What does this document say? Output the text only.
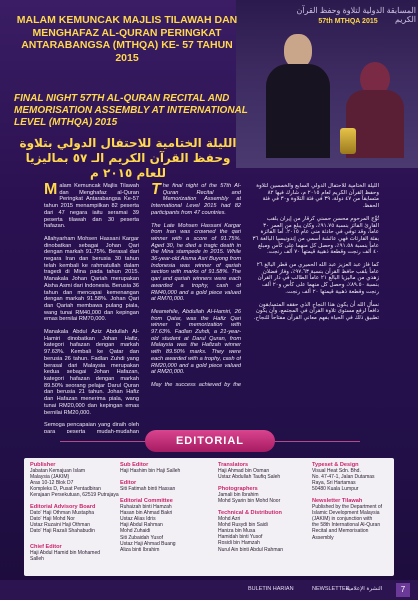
المسابقة الدولية لتلاوة وحفظ القرآن الكريم
57th MTHQA 2015
MALAM KEMUNCAK MAJLIS TILAWAH DAN MENGHAFAZ AL-QURAN PERINGKAT ANTARABANGSA (MTHQA) KE- 57 TAHUN 2015
FINAL NIGHT 57TH AL-QURAN RECITAL AND MEMORISATION ASSEMBLY AT INTERNATIONAL LEVEL (MTHQA) 2015
الليلة الختامية للاحتفال الدولي بتلاوة وحفظ القرآن الكريم الـ ٥٧ بماليزيا للعام ٢٠١٥ م

Malam Kemuncak Majlis Tilawah dan Menghafaz al-Quran Peringkat Antarabangsa Ke-57 tahun 2015 menampilkan 82 peserta dari 47 negara iaitu seramai 39 peserta tilawah dan 30 peserta hafazan.

Allahyarham Mohsen Hassani Kargar dinobatkan sebagai Johan Qari dengan markah 91.75%. Berasal dari negara Iran dan berusia 30 tahun telah kembali ke rahmatullah dalam tragedi di Mina pada tahun 2015. Manakala Johan Qariah merupakan Aisha Asmi dari Indonesia. Berusia 36 tahun dan mencapai kemenangan dengan markah 91.58%. Johan Qari dan Qariah membawa pulang piala, wang tunai RM40,000 dan kepingan emas bernilai RM70,000.

Manakala Abdul Aziz Abdullah Al-Hamiri dinobatkan Johan Hafiz, kategori hafazan dengan markah 97.63%. Kembali ke Qatar dan berusia 26 tahun. Fadlan Zuhdi yang berasal dari Malaysia merupakan kedua sebagai Johan Hafazan, kategori hafazan dengan markah 89.50% seorang pelajar Darul Quran dan berusia 21 tahun. Johan Hafiz dan Hafazan menerima piala, wang tunai RM20,000 dan kepingan emas bernilai RM20,000.

Semoga pencapaian yang diraih oleh para peserta mudah-mudahan

The final night of the 57th Al-Quran Recital and Memorization Assembly at International Level 2015 had 82 participants from 47 countries.

The Late Mohsen Hassani Kargar from Iran was crowned the qari winner with a score of 91.75%. Aged 30, he died a tragic death in the Mina stampede in 2015. While 36-year-old Aisma Asri Buyong from Indonesia was winner of qariah section with marks of 91.58%. The qari and qariah winners were each awarded a trophy, cash of RM40,000 and a gold piece valued at RM70,000.

Meanwhile, Abdullah Al-Hamiri, 26 from Qatar, was the Hafiz Qari winner in memorization with 97.63%. Fadlan Zuhdi, a 21-year-old student at Darul Quran, from Malaysia was the Hafizah winner with 89.50% marks. They were each awarded with a trophy, cash of RM20,000 and a gold piece valued at RM20,000.

May the success achieved by the

الليلة الختامية للاحتفال الدولي السابع والخمسين لتلاوة وحفظ القرآن الكريم لعام ٢٠١٥ م، شارك فيها ٨٢ متسابقاً من ٤٧ دولة، ٣٩ في فئة التلاوة و٣٠ في فئة الحفظ.

تُوِّج المرحوم محسن حسني كرقار من إيران بلقب القارئ الفائز بنسبة ٩١.٧٥٪، وكان يبلغ من العمر ٣٠ عاماً، وقد توفي في حادثة منى عام ٢٠١٥. أما الفائزة بفئة القارئات فهي عائشة أسمي من إندونيسيا البالغة ٣٦ عاماً بنسبة ٩١.٥٨٪، وحصل كل منهما على كأس ومبلغ ٤٠ ألف رنجت وقطعة ذهبية قيمتها ٧٠ ألف رنجت.

كما فاز عبد العزيز عبد الله الحميري من قطر البالغ ٢٦ عاماً بلقب حافظ القرآن بنسبة ٩٧.٦٣٪، وفاز فضلان زهدي من ماليزيا البالغ ٢١ عاماً الطالب في دار القرآن بنسبة ٨٩.٥٠٪، وحصل كل منهما على كأس و٢٠ ألف رنجت وقطعة ذهبية قيمتها ٢٠ ألف رنجت.

نسأل الله أن يكون هذا النجاح الذي حققه المتسابقون دافعاً لرفع مستوى تلاوة القرآن في المجتمع، وأن يكون تطبيق ذلك في الحياة بفهم معاني القرآن مفتاحاً للنجاح.

EDITORIAL
Publisher
Jabatan Kemajuan Islam
Malaysia (JAKIM)
Aras 10-12 Blok D7
Kompleks D, Pusat Pentadbiran
Kerajaan Persekutuan, 62519 Putrajaya
Editorial Advisory Board
Dato' Haji Othman Mustapha
Dato' Haji Mohd Nor
Ustaz Ruzaini Haji Othman
Dato' Haji Razali Shahabudin
Chief Editor
Haji Abdul Hamid bin Mohamed
Salleh
Sub Editor
Haji Hashim bin Haji Salleh
Editor
Siti Fatimah binti Hassan
Editorial Committee
Ruhaizah binti Hamzah
Hasan bin Ahmad Bakri
Ustaz Alias Idris
Haji Abdul Rahman
Mohd Zuhaidi
Siti Zubaidah Yusof
Ustaz Haji Ahmad Buang
Aliza binti Ibrahim
Translators
Haji Ahmad bin Osman
Ustaz Abdullah Taufiq Saleh
Photographers
Jamali bin Ibrahim
Mohd Syarin bin Mohd Noor
Technical & Distribution
Mohd Azri
Mohd Rusydi bin Saidi
Haniza bin Musa
Hamidah binti Yusof
Rosidi bin Hamzah
Nurul Ain binti Abdul Rahman
Typeset & Design
Visual Heat Sdn. Bhd.
No. 47-47-1, Jalan Dutamas
Raya, Sri Hartamas
50480 Kuala Lumpur
Newsletter Tilawah
Published by the Department of
Islamic Development Malaysia
(JAKIM) in conjunction with
the 58th International Al-Quran
Recital and Memorisation
Assembly
BULETIN HARIAN	NEWSLETTER
النشرة الإعلامية	7
